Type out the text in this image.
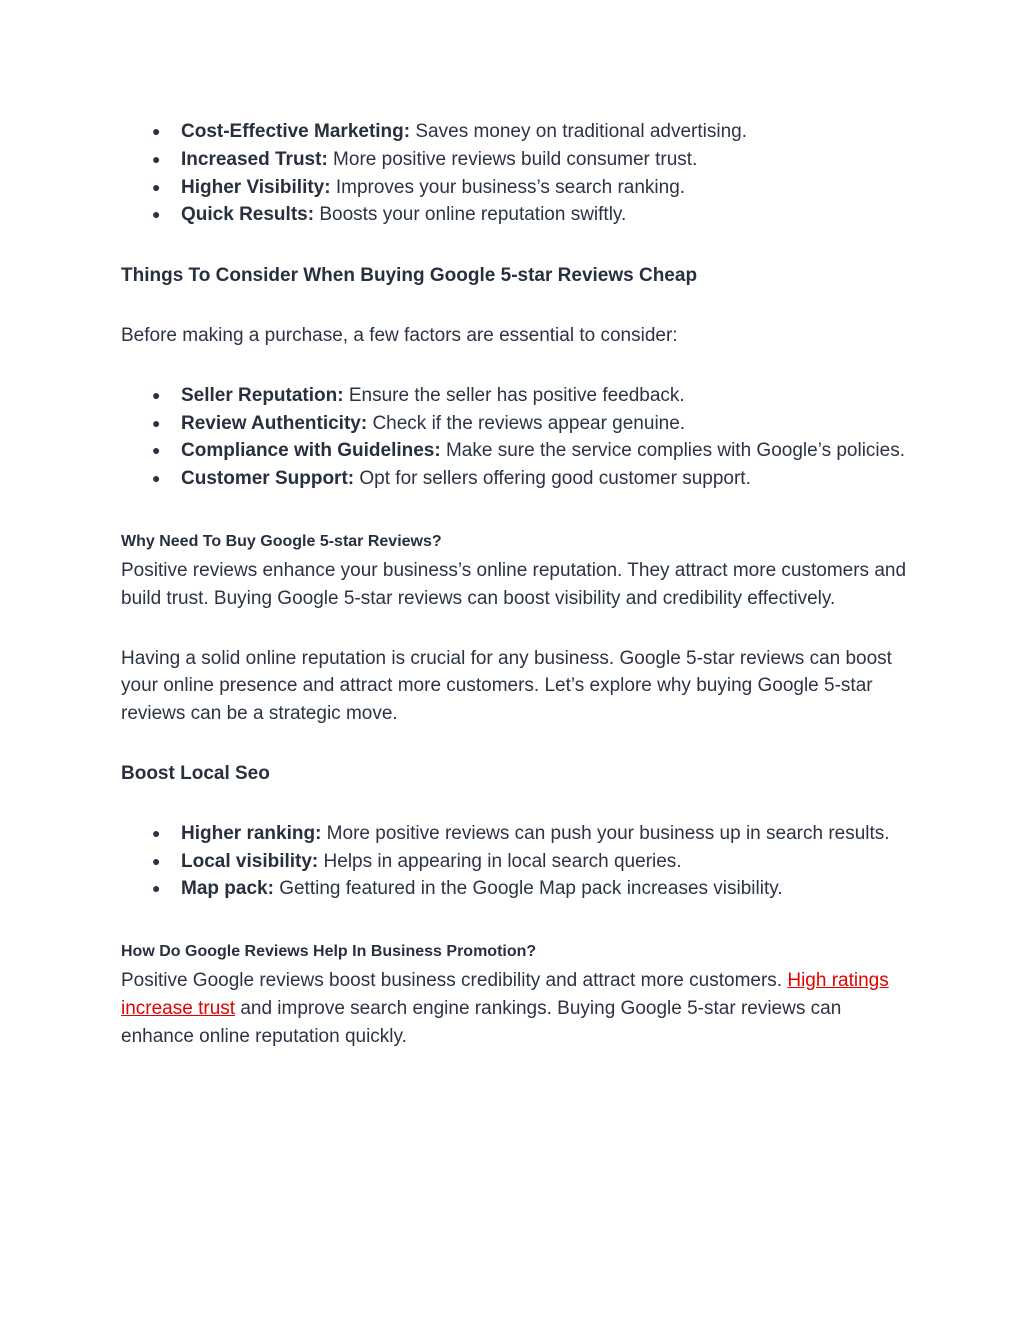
● Cost-Effective Marketing: Saves money on traditional advertising.
● Increased Trust: More positive reviews build consumer trust.
● Higher Visibility: Improves your business’s search ranking.
● Quick Results: Boosts your online reputation swiftly.
Things To Consider When Buying Google 5-star Reviews Cheap

Before making a purchase, a few factors are essential to consider:

● Seller Reputation: Ensure the seller has positive feedback.
● Review Authenticity: Check if the reviews appear genuine.
● Compliance with Guidelines: Make sure the service complies with Google’s policies.
● Customer Support: Opt for sellers offering good customer support.
Why Need To Buy Google 5-star Reviews?

Positive reviews enhance your business’s online reputation. They attract more customers and build trust. Buying Google 5-star reviews can boost visibility and credibility effectively.

Having a solid online reputation is crucial for any business. Google 5-star reviews can boost your online presence and attract more customers. Let’s explore why buying Google 5-star reviews can be a strategic move.

Boost Local Seo
● Higher ranking: More positive reviews can push your business up in search results.
● Local visibility: Helps in appearing in local search queries.
● Map pack: Getting featured in the Google Map pack increases visibility.
How Do Google Reviews Help In Business Promotion?

Positive Google reviews boost business credibility and attract more customers. High ratings increase trust and improve search engine rankings. Buying Google 5-star reviews can enhance online reputation quickly.
